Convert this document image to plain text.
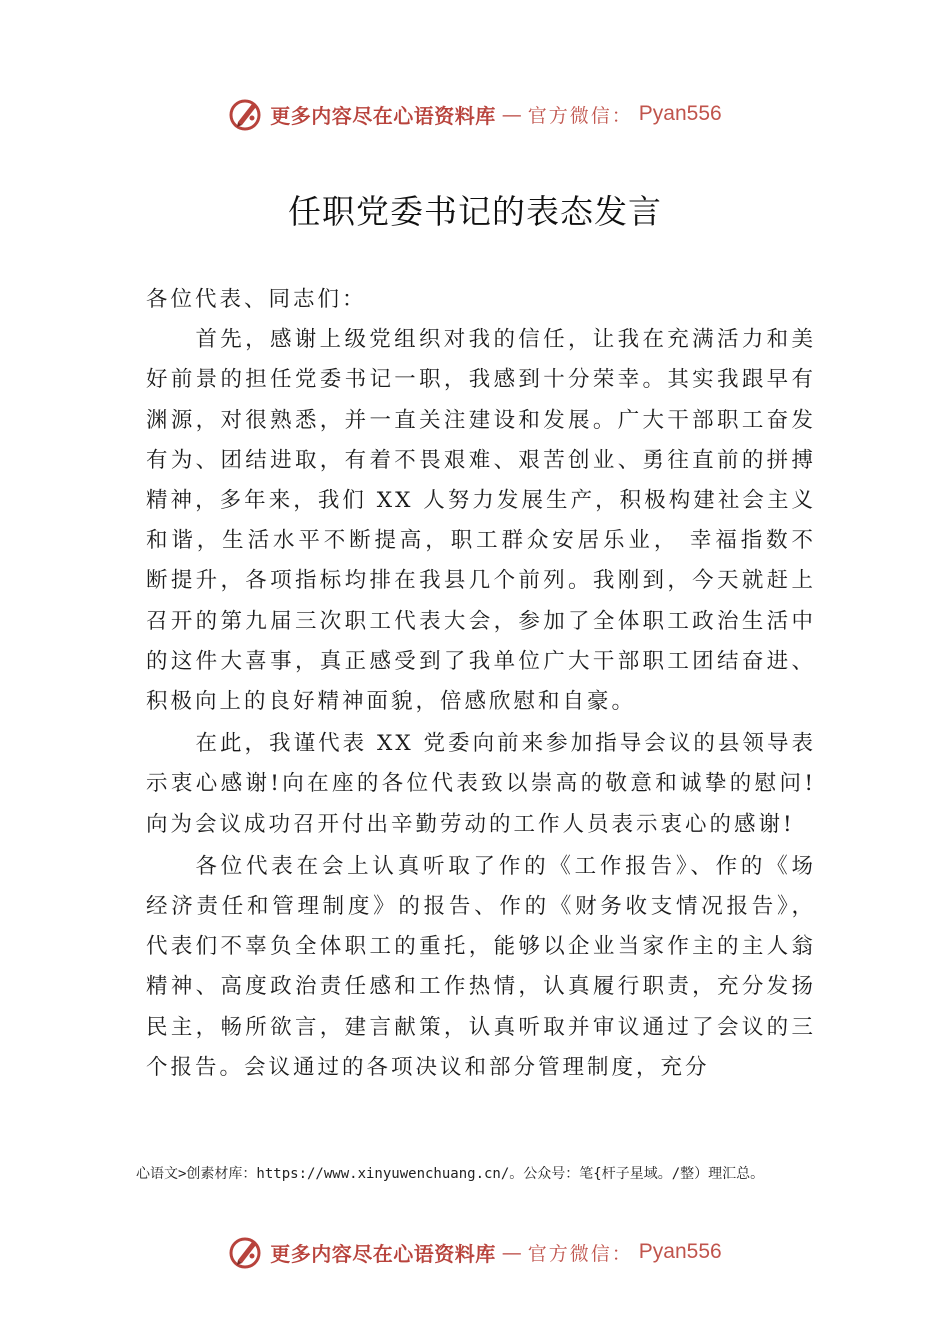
更多内容尽在心语资料库 — 官方微信： Pyan556
任职党委书记的表态发言

各位代表、同志们：

首先，感谢上级党组织对我的信任，让我在充满活力和美好前景的担任党委书记一职，我感到十分荣幸。其实我跟早有渊源，对很熟悉，并一直关注建设和发展。广大干部职工奋发有为、团结进取，有着不畏艰难、艰苦创业、勇往直前的拼搏精神，多年来，我们 XX 人努力发展生产，积极构建社会主义和谐，生活水平不断提高，职工群众安居乐业， 幸福指数不断提升，各项指标均排在我县几个前列。我刚到，今天就赶上召开的第九届三次职工代表大会，参加了全体职工政治生活中的这件大喜事，真正感受到了我单位广大干部职工团结奋进、积极向上的良好精神面貌，倍感欣慰和自豪。

在此，我谨代表 XX 党委向前来参加指导会议的县领导表示衷心感谢!向在座的各位代表致以崇高的敬意和诚挚的慰问!向为会议成功召开付出辛勤劳动的工作人员表示衷心的感谢!

各位代表在会上认真听取了作的《工作报告》、作的《场经济责任和管理制度》的报告、作的《财务收支情况报告》， 代表们不辜负全体职工的重托，能够以企业当家作主的主人翁精神、高度政治责任感和工作热情，认真履行职责，充分发扬民主，畅所欲言，建言献策，认真听取并审议通过了会议的三个报告。会议通过的各项决议和部分管理制度，充分

心语文>创素材库：https://www.xinyuwenchuang.cn/。公众号：笔{杆子星域。/整）理汇总。

更多内容尽在心语资料库 — 官方微信： Pyan556
